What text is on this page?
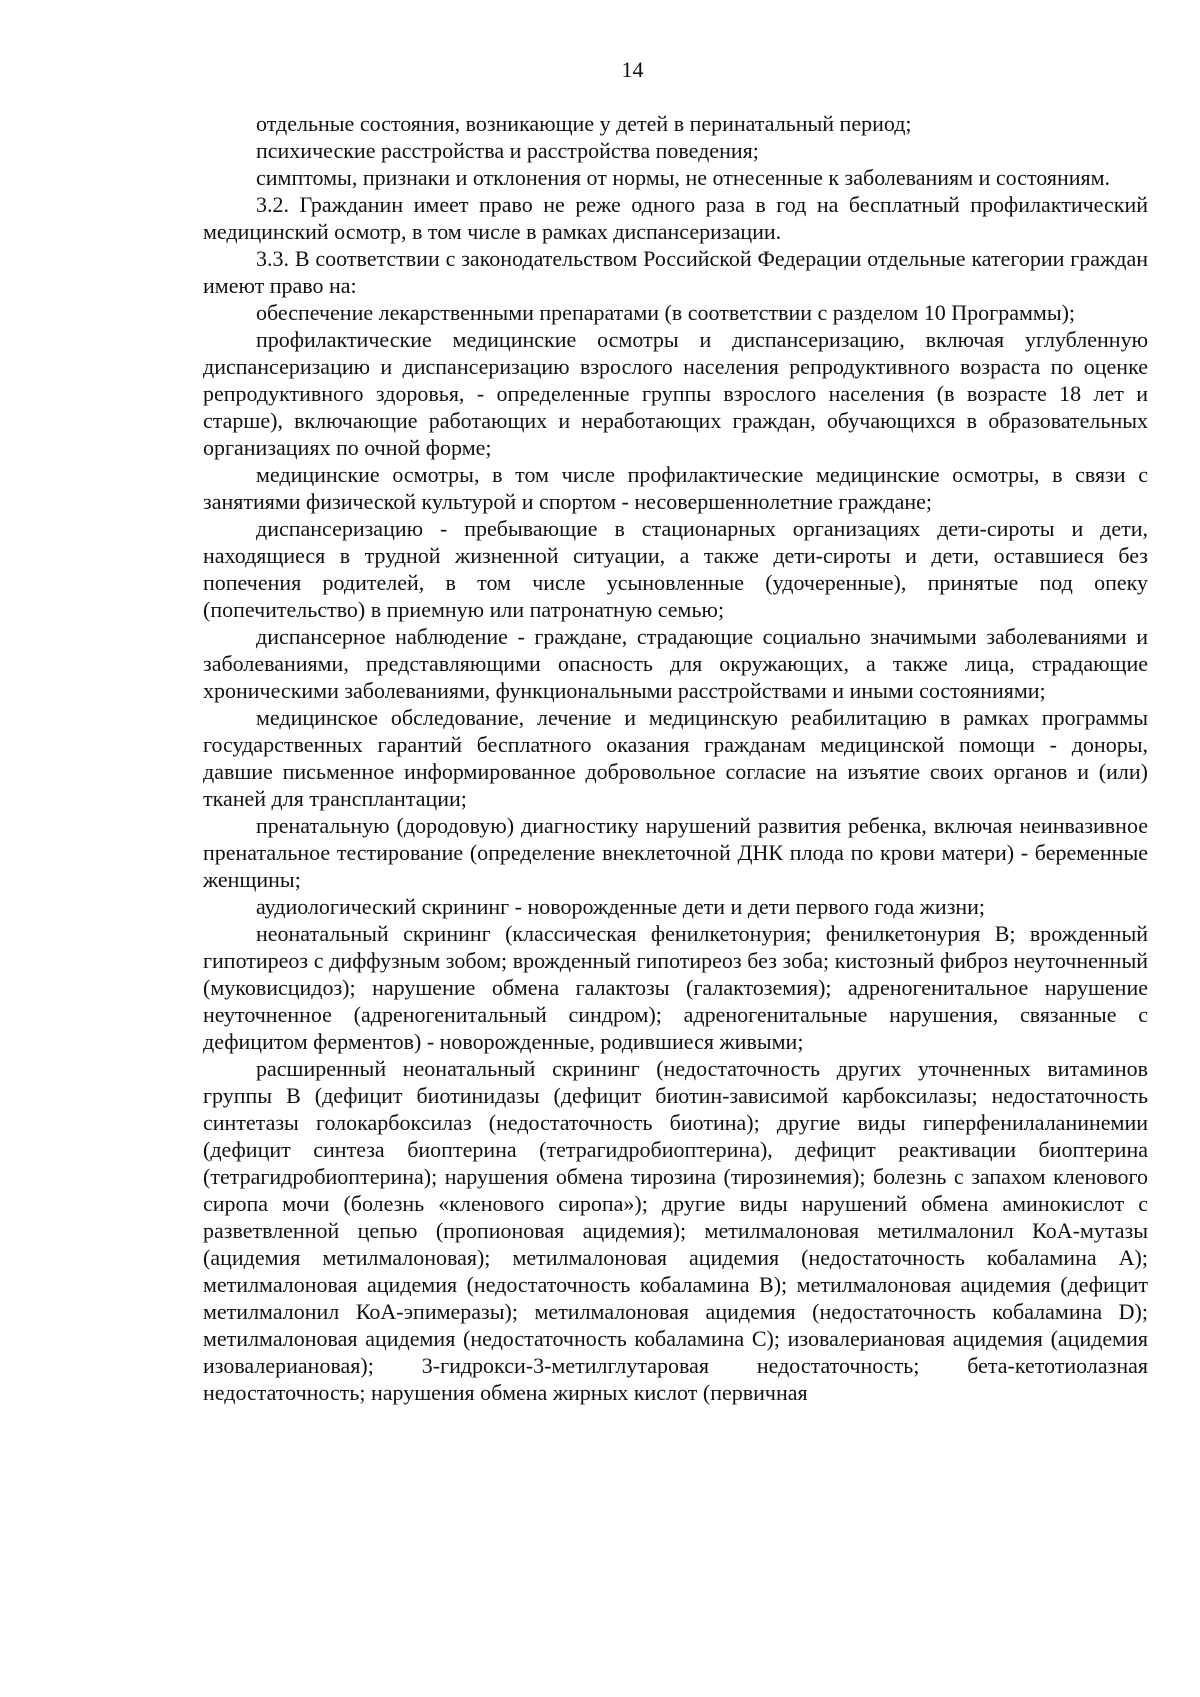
14

отдельные состояния, возникающие у детей в перинатальный период;

психические расстройства и расстройства поведения;

симптомы, признаки и отклонения от нормы, не отнесенные к заболеваниям и состояниям.

3.2. Гражданин имеет право не реже одного раза в год на бесплатный профилактический медицинский осмотр, в том числе в рамках диспансеризации.

3.3. В соответствии с законодательством Российской Федерации отдельные категории граждан имеют право на:

обеспечение лекарственными препаратами (в соответствии с разделом 10 Программы);

профилактические медицинские осмотры и диспансеризацию, включая углубленную диспансеризацию и диспансеризацию взрослого населения репродуктивного возраста по оценке репродуктивного здоровья, - определенные группы взрослого населения (в возрасте 18 лет и старше), включающие работающих и неработающих граждан, обучающихся в образовательных организациях по очной форме;

медицинские осмотры, в том числе профилактические медицинские осмотры, в связи с занятиями физической культурой и спортом - несовершеннолетние граждане;

диспансеризацию - пребывающие в стационарных организациях дети-сироты и дети, находящиеся в трудной жизненной ситуации, а также дети-сироты и дети, оставшиеся без попечения родителей, в том числе усыновленные (удочеренные), принятые под опеку (попечительство) в приемную или патронатную семью;

диспансерное наблюдение - граждане, страдающие социально значимыми заболеваниями и заболеваниями, представляющими опасность для окружающих, а также лица, страдающие хроническими заболеваниями, функциональными расстройствами и иными состояниями;

медицинское обследование, лечение и медицинскую реабилитацию в рамках программы государственных гарантий бесплатного оказания гражданам медицинской помощи - доноры, давшие письменное информированное добровольное согласие на изъятие своих органов и (или) тканей для трансплантации;

пренатальную (дородовую) диагностику нарушений развития ребенка, включая неинвазивное пренатальное тестирование (определение внеклеточной ДНК плода по крови матери) - беременные женщины;

аудиологический скрининг - новорожденные дети и дети первого года жизни;

неонатальный скрининг (классическая фенилкетонурия; фенилкетонурия B; врожденный гипотиреоз с диффузным зобом; врожденный гипотиреоз без зоба; кистозный фиброз неуточненный (муковисцидоз); нарушение обмена галактозы (галактоземия); адреногенитальное нарушение неуточненное (адреногенитальный синдром); адреногенитальные нарушения, связанные с дефицитом ферментов) - новорожденные, родившиеся живыми;

расширенный неонатальный скрининг (недостаточность других уточненных витаминов группы B (дефицит биотинидазы (дефицит биотин-зависимой карбоксилазы; недостаточность синтетазы голокарбоксилаз (недостаточность биотина); другие виды гиперфенилаланинемии (дефицит синтеза биоптерина (тетрагидробиоптерина), дефицит реактивации биоптерина (тетрагидробиоптерина); нарушения обмена тирозина (тирозинемия); болезнь с запахом кленового сиропа мочи (болезнь «кленового сиропа»); другие виды нарушений обмена аминокислот с разветвленной цепью (пропионовая ацидемия); метилмалоновая метилмалонил КоА-мутазы (ацидемия метилмалоновая); метилмалоновая ацидемия (недостаточность кобаламина A); метилмалоновая ацидемия (недостаточность кобаламина B); метилмалоновая ацидемия (дефицит метилмалонил КоА-эпимеразы); метилмалоновая ацидемия (недостаточность кобаламина D); метилмалоновая ацидемия (недостаточность кобаламина C); изовалериановая ацидемия (ацидемия изовалериановая); 3-гидрокси-3-метилглутаровая недостаточность; бета-кетотиолазная недостаточность; нарушения обмена жирных кислот (первичная
